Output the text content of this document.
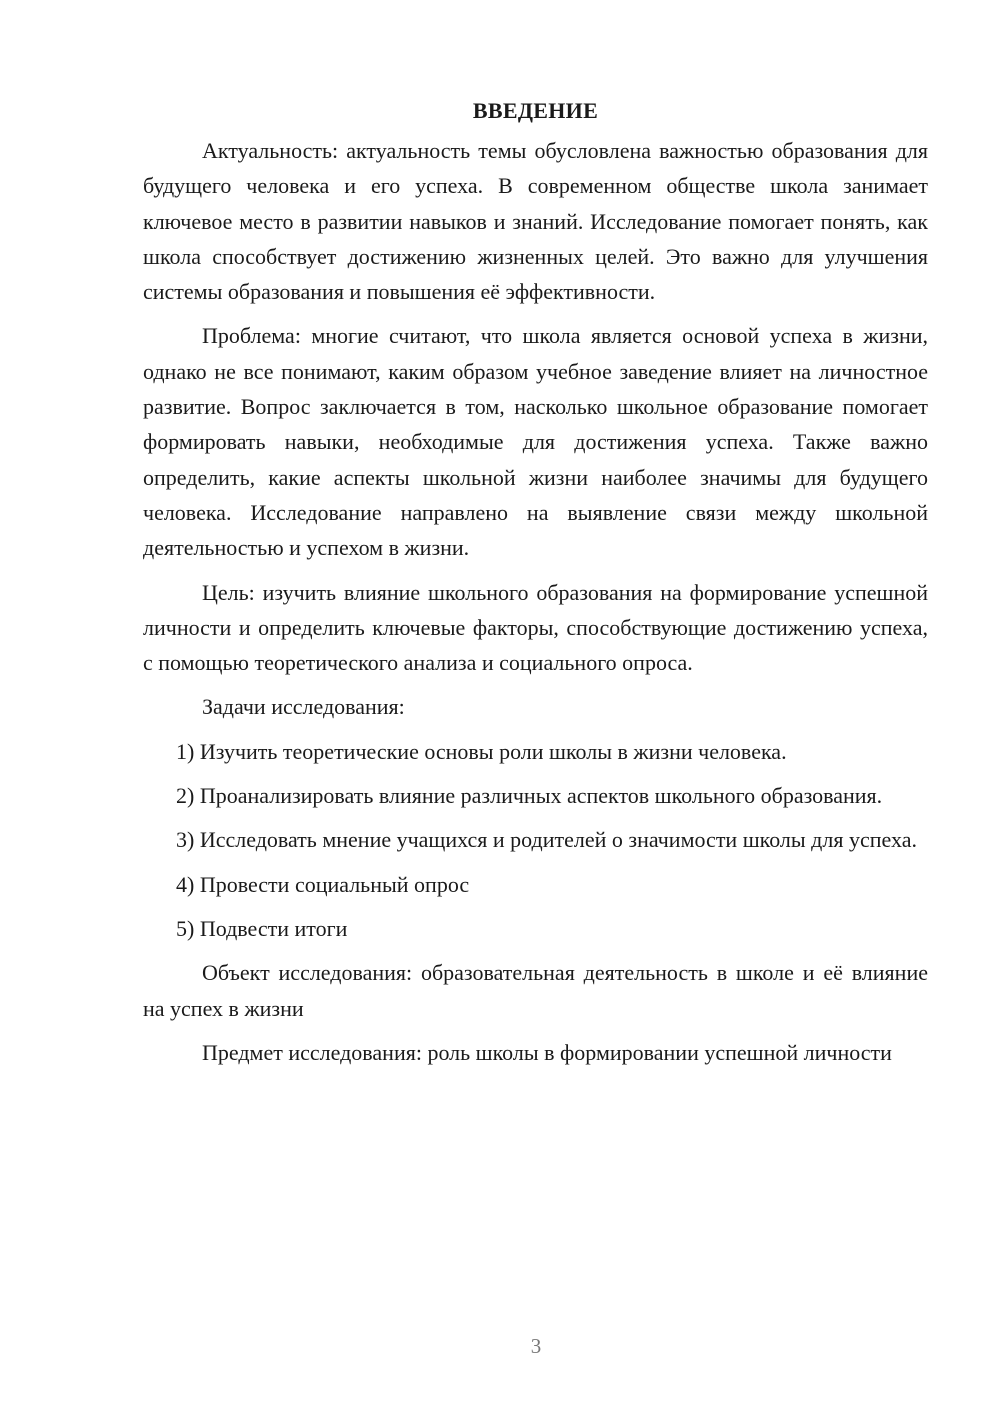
ВВЕДЕНИЕ

Актуальность: актуальность темы обусловлена важностью образования для будущего человека и его успеха. В современном обществе школа занимает ключевое место в развитии навыков и знаний. Исследование помогает понять, как школа способствует достижению жизненных целей. Это важно для улучшения системы образования и повышения её эффективности.

Проблема: многие считают, что школа является основой успеха в жизни, однако не все понимают, каким образом учебное заведение влияет на личностное развитие. Вопрос заключается в том, насколько школьное образование помогает формировать навыки, необходимые для достижения успеха. Также важно определить, какие аспекты школьной жизни наиболее значимы для будущего человека. Исследование направлено на выявление связи между школьной деятельностью и успехом в жизни.

Цель: изучить влияние школьного образования на формирование успешной личности и определить ключевые факторы, способствующие достижению успеха, с помощью теоретического анализа и социального опроса.

Задачи исследования:

1) Изучить теоретические основы роли школы в жизни человека.

2) Проанализировать влияние различных аспектов школьного образования.

3) Исследовать мнение учащихся и родителей о значимости школы для успеха.

4) Провести социальный опрос

5) Подвести итоги

Объект исследования: образовательная деятельность в школе и её влияние на успех в жизни

Предмет исследования: роль школы в формировании успешной личности

3
